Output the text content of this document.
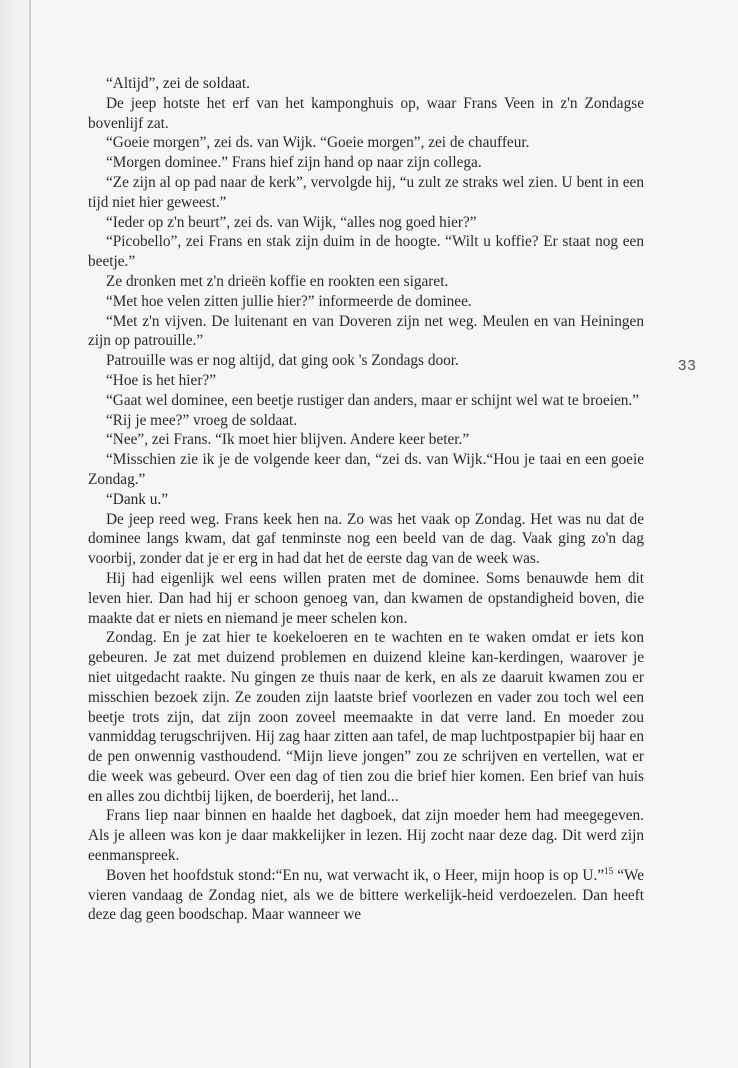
“Altijd”, zei de soldaat.

De jeep hotste het erf van het kamponghuis op, waar Frans Veen in z'n Zondagse bovenlijf zat.

“Goeie morgen”, zei ds. van Wijk. “Goeie morgen”, zei de chauffeur.

“Morgen dominee.” Frans hief zijn hand op naar zijn collega.

“Ze zijn al op pad naar de kerk”, vervolgde hij, “u zult ze straks wel zien. U bent in een tijd niet hier geweest.”

“Ieder op z'n beurt”, zei ds. van Wijk, “alles nog goed hier?”

“Picobello”, zei Frans en stak zijn duim in de hoogte. “Wilt u koffie? Er staat nog een beetje.”

Ze dronken met z'n drieën koffie en rookten een sigaret.

“Met hoe velen zitten jullie hier?” informeerde de dominee.

“Met z'n vijven. De luitenant en van Doveren zijn net weg. Meulen en van Heiningen zijn op patrouille.”

Patrouille was er nog altijd, dat ging ook 's Zondags door.

“Hoe is het hier?”

“Gaat wel dominee, een beetje rustiger dan anders, maar er schijnt wel wat te broeien.”

“Rij je mee?” vroeg de soldaat.

“Nee”, zei Frans. “Ik moet hier blijven. Andere keer beter.”

“Misschien zie ik je de volgende keer dan, “zei ds. van Wijk.“Hou je taai en een goeie Zondag.”

“Dank u.”

De jeep reed weg. Frans keek hen na. Zo was het vaak op Zondag. Het was nu dat de dominee langs kwam, dat gaf tenminste nog een beeld van de dag. Vaak ging zo'n dag voorbij, zonder dat je er erg in had dat het de eerste dag van de week was.

Hij had eigenlijk wel eens willen praten met de dominee. Soms benauwde hem dit leven hier. Dan had hij er schoon genoeg van, dan kwamen de opstandigheid boven, die maakte dat er niets en niemand je meer schelen kon.

Zondag. En je zat hier te koekeloeren en te wachten en te waken omdat er iets kon gebeuren. Je zat met duizend problemen en duizend kleine kan-kerdingen, waarover je niet uitgedacht raakte. Nu gingen ze thuis naar de kerk, en als ze daaruit kwamen zou er misschien bezoek zijn. Ze zouden zijn laatste brief voorlezen en vader zou toch wel een beetje trots zijn, dat zijn zoon zoveel meemaakte in dat verre land. En moeder zou vanmiddag terugschrijven. Hij zag haar zitten aan tafel, de map luchtpostpapier bij haar en de pen onwennig vasthoudend. “Mijn lieve jongen” zou ze schrijven en vertellen, wat er die week was gebeurd. Over een dag of tien zou die brief hier komen. Een brief van huis en alles zou dichtbij lijken, de boerderij, het land...

Frans liep naar binnen en haalde het dagboek, dat zijn moeder hem had meegegeven. Als je alleen was kon je daar makkelijker in lezen. Hij zocht naar deze dag. Dit werd zijn eenmanspreek.

Boven het hoofdstuk stond:“En nu, wat verwacht ik, o Heer, mijn hoop is op U.”$^{15}$ “We vieren vandaag de Zondag niet, als we de bittere werkelijk-heid verdoezelen. Dan heeft deze dag geen boodschap. Maar wanneer we

33
